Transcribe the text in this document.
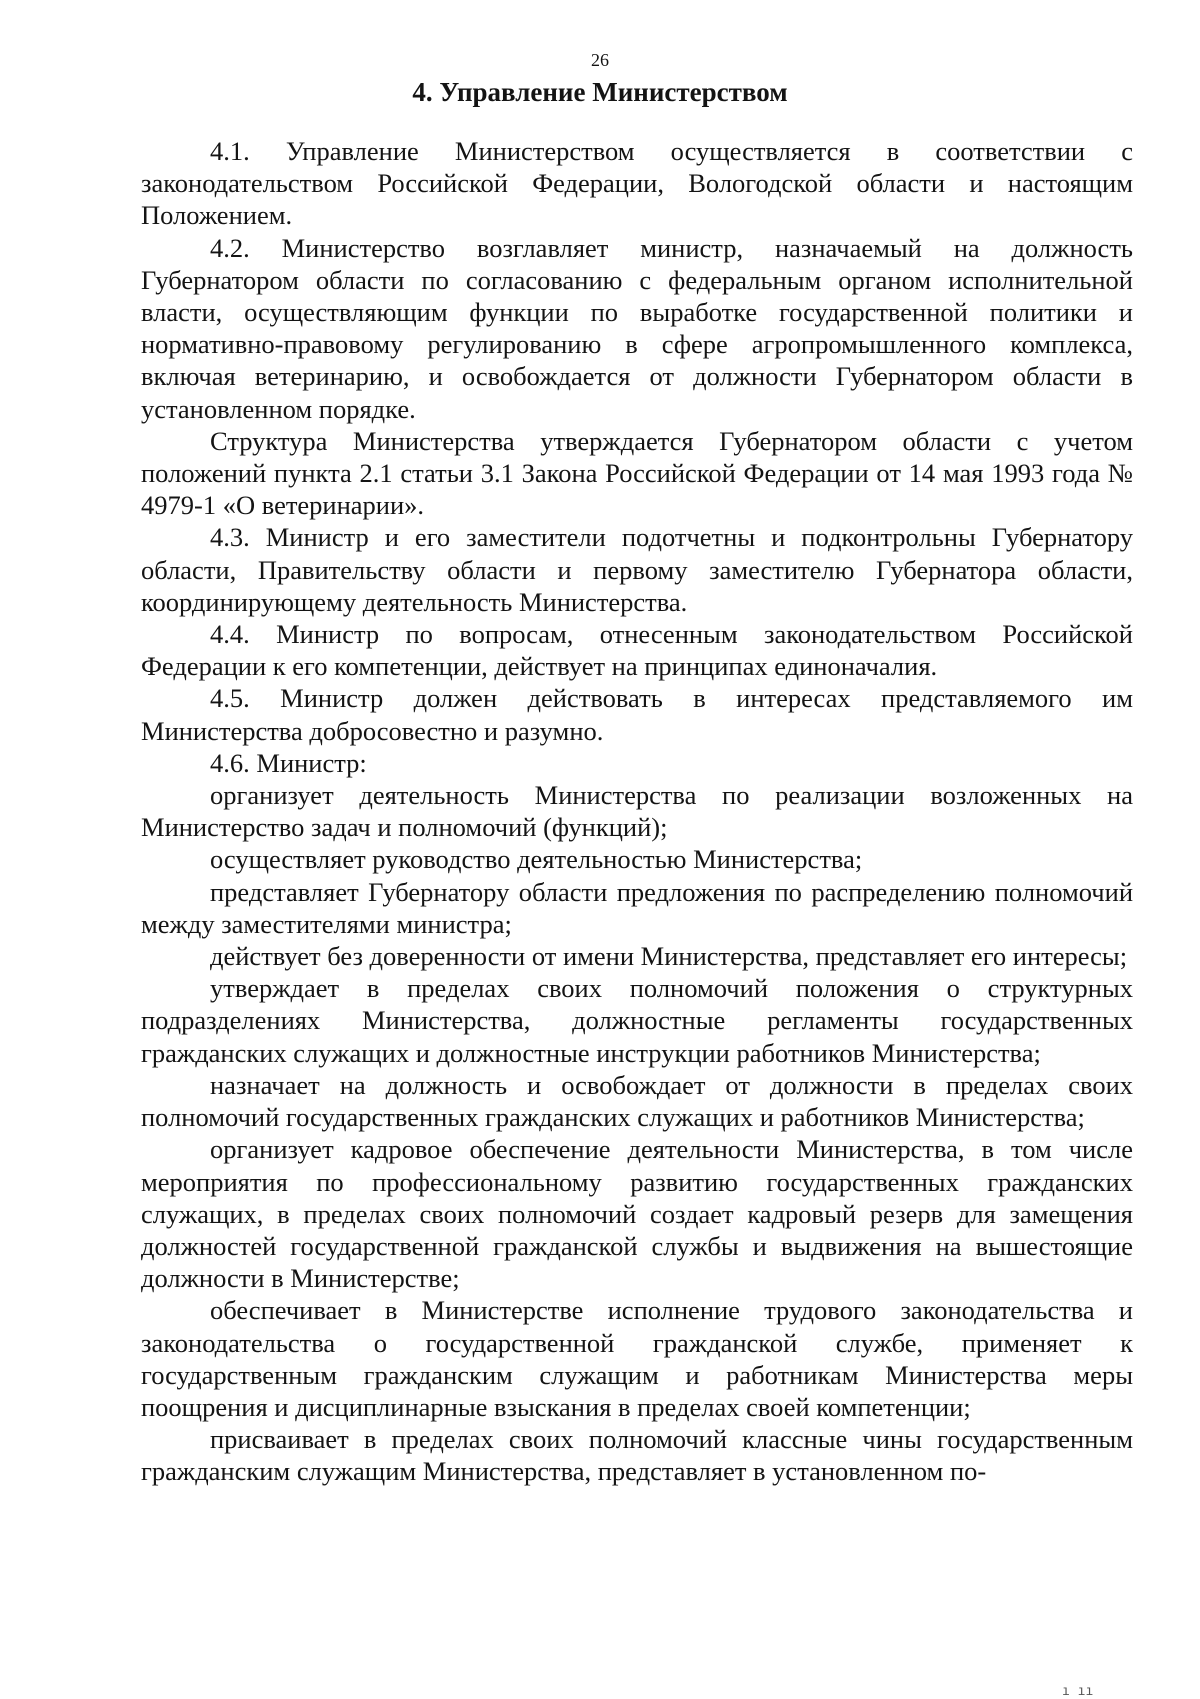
26
4. Управление Министерством

4.1. Управление Министерством осуществляется в соответствии с законодательством Российской Федерации, Вологодской области и настоящим Положением.

4.2. Министерство возглавляет министр, назначаемый на должность Губернатором области по согласованию с федеральным органом исполнительной власти, осуществляющим функции по выработке государственной политики и нормативно-правовому регулированию в сфере агропромышленного комплекса, включая ветеринарию, и освобождается от должности Губернатором области в установленном порядке.

Структура Министерства утверждается Губернатором области с учетом положений пункта 2.1 статьи 3.1 Закона Российской Федерации от 14 мая 1993 года № 4979-1 «О ветеринарии».

4.3. Министр и его заместители подотчетны и подконтрольны Губернатору области, Правительству области и первому заместителю Губернатора области, координирующему деятельность Министерства.

4.4. Министр по вопросам, отнесенным законодательством Российской Федерации к его компетенции, действует на принципах единоначалия.

4.5. Министр должен действовать в интересах представляемого им Министерства добросовестно и разумно.

4.6. Министр:

организует деятельность Министерства по реализации возложенных на Министерство задач и полномочий (функций);

осуществляет руководство деятельностью Министерства;

представляет Губернатору области предложения по распределению полномочий между заместителями министра;

действует без доверенности от имени Министерства, представляет его интересы;

утверждает в пределах своих полномочий положения о структурных подразделениях Министерства, должностные регламенты государственных гражданских служащих и должностные инструкции работников Министерства;

назначает на должность и освобождает от должности в пределах своих полномочий государственных гражданских служащих и работников Министерства;

организует кадровое обеспечение деятельности Министерства, в том числе мероприятия по профессиональному развитию государственных гражданских служащих, в пределах своих полномочий создает кадровый резерв для замещения должностей государственной гражданской службы и выдвижения на вышестоящие должности в Министерстве;

обеспечивает в Министерстве исполнение трудового законодательства и законодательства о государственной гражданской службе, применяет к государственным гражданским служащим и работникам Министерства меры поощрения и дисциплинарные взыскания в пределах своей компетенции;

присваивает в пределах своих полномочий классные чины государственным гражданским служащим Министерства, представляет в установленном по-

ı ıı
